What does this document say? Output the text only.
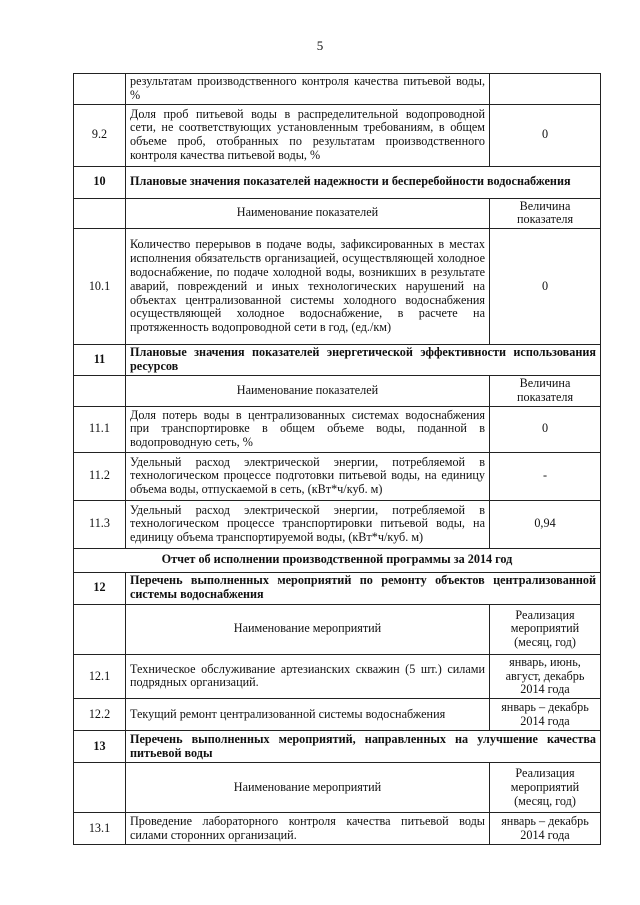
5
	результатам производственного контроля качества питьевой воды, %	
9.2	Доля проб питьевой воды в распределительной водопроводной сети, не соответствующих установленным требованиям, в общем объеме проб, отобранных по результатам производственного контроля качества питьевой воды, %	0
10	Плановые значения показателей надежности и бесперебойности водоснабжения	
	Наименование показателей	Величина показателя
10.1	Количество перерывов в подаче воды, зафиксированных в местах исполнения обязательств организацией, осуществляющей холодное водоснабжение, по подаче холодной воды, возникших в результате аварий, повреждений и иных технологических нарушений на объектах централизованной системы холодного водоснабжения осуществляющей холодное водоснабжение, в расчете на протяженность водопроводной сети в год, (ед./км)	0
11	Плановые значения показателей энергетической эффективности использования ресурсов	
	Наименование показателей	Величина показателя
11.1	Доля потерь воды в централизованных системах водоснабжения при транспортировке в общем объеме воды, поданной в водопроводную сеть, %	0
11.2	Удельный расход электрической энергии, потребляемой в технологическом процессе подготовки питьевой воды, на единицу объема воды, отпускаемой в сеть, (кВт*ч/куб. м)	-
11.3	Удельный расход электрической энергии, потребляемой в технологическом процессе транспортировки питьевой воды, на единицу объема транспортируемой воды, (кВт*ч/куб. м)	0,94
Отчет об исполнении производственной программы за 2014 год		
12	Перечень выполненных мероприятий по ремонту объектов централизованной системы водоснабжения	
	Наименование мероприятий	Реализация мероприятий (месяц, год)
12.1	Техническое обслуживание артезианских скважин (5 шт.) силами подрядных организаций.	январь, июнь, август, декабрь 2014 года
12.2	Текущий ремонт централизованной системы водоснабжения	январь – декабрь 2014 года
13	Перечень выполненных мероприятий, направленных на улучшение качества питьевой воды	
	Наименование мероприятий	Реализация мероприятий (месяц, год)
13.1	Проведение лабораторного контроля качества питьевой воды силами сторонних организаций.	январь – декабрь 2014 года
